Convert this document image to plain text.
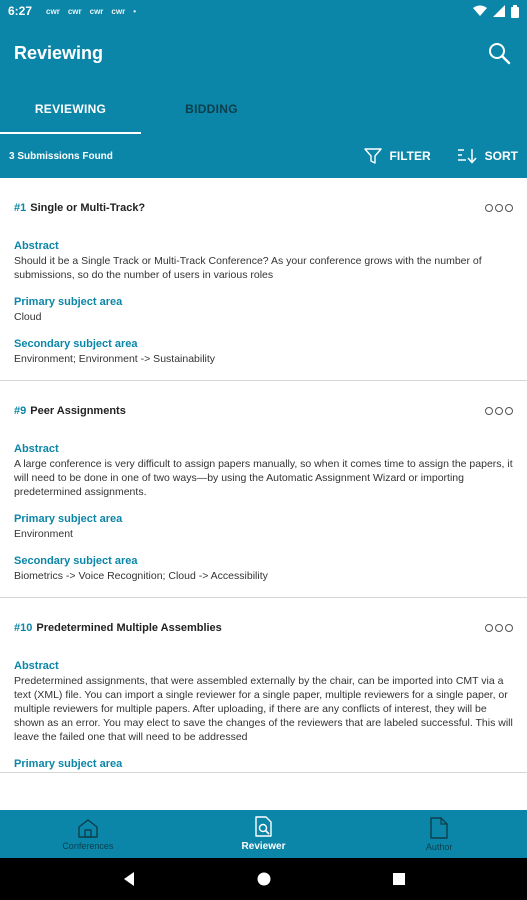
6:27 cwr cwr cwr cwr •
Reviewing
REVIEWING	BIDDING
3 Submissions Found	FILTER	SORT
#1 Single or Multi-Track?
Abstract
Should it be a Single Track or Multi-Track Conference? As your conference grows with the number of submissions, so do the number of users in various roles
Primary subject area
Cloud
Secondary subject area
Environment; Environment -> Sustainability
#9 Peer Assignments
Abstract
A large conference is very difficult to assign papers manually, so when it comes time to assign the papers, it will need to be done in one of two ways—by using the Automatic Assignment Wizard or importing predetermined assignments.
Primary subject area
Environment
Secondary subject area
Biometrics -> Voice Recognition; Cloud -> Accessibility
#10 Predetermined Multiple Assemblies
Abstract
Predetermined assignments, that were assembled externally by the chair, can be imported into CMT via a text (XML) file. You can import a single reviewer for a single paper, multiple reviewers for a single paper, or multiple reviewers for multiple papers. After uploading, if there are any conflicts of interest, they will be shown as an error. You may elect to save the changes of the reviewers that are labeled successful. This will leave the failed one that will need to be addressed
Primary subject area
Conferences	Reviewer	Author
